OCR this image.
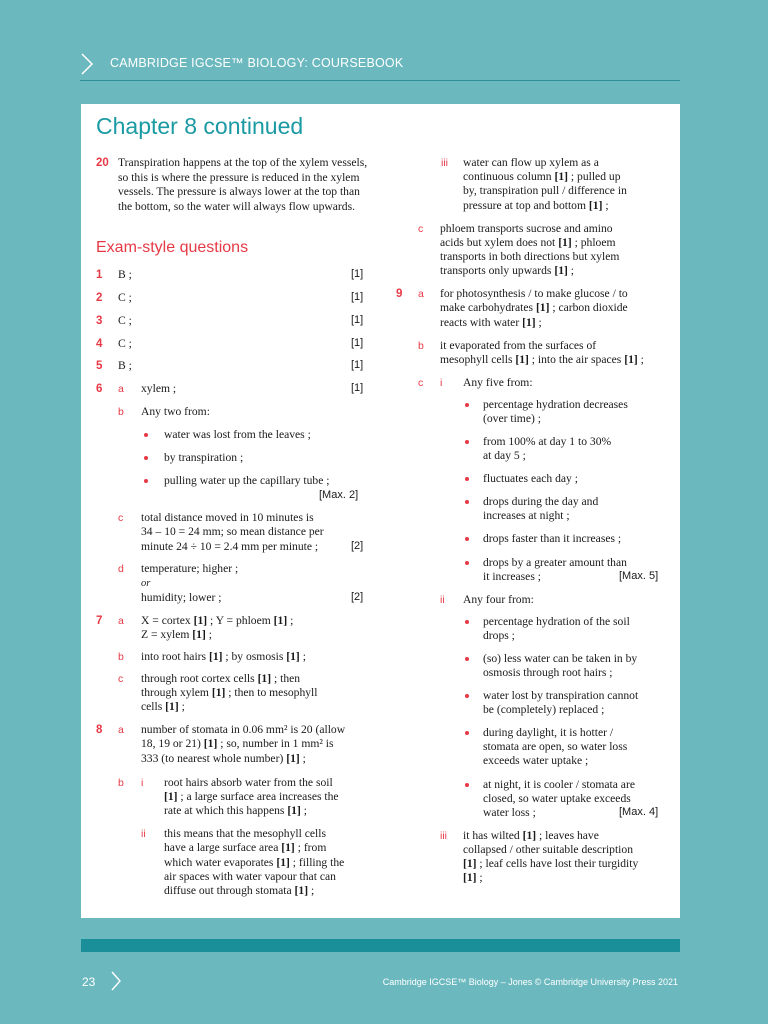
CAMBRIDGE IGCSE™ BIOLOGY: COURSEBOOK
Chapter 8 continued
20 Transpiration happens at the top of the xylem vessels, so this is where the pressure is reduced in the xylem vessels. The pressure is always lower at the top than the bottom, so the water will always flow upwards.
Exam-style questions
1 B ;	[1]
2 C ;	[1]
3 C ;	[1]
4 C ;	[1]
5 B ;	[1]
6 a xylem ;	[1]
b Any two from:
water was lost from the leaves ;
by transpiration ;
pulling water up the capillary tube ;
[Max. 2]
c total distance moved in 10 minutes is
34 – 10 = 24 mm; so mean distance per
minute 24 ÷ 10 = 2.4 mm per minute ;	[2]
d temperature; higher ;
or
humidity; lower ;	[2]
7 a X = cortex [1] ; Y = phloem [1] ;
Z = xylem [1] ;
b into root hairs [1] ; by osmosis [1] ;
c through root cortex cells [1] ; then
through xylem [1] ; then to mesophyll
cells [1] ;
8 a number of stomata in 0.06 mm² is 20 (allow
18, 19 or 21) [1] ; so, number in 1 mm² is
333 (to nearest whole number) [1] ;
b i root hairs absorb water from the soil
[1] ; a large surface area increases the
rate at which this happens [1] ;
ii this means that the mesophyll cells
have a large surface area [1] ; from
which water evaporates [1] ; filling the
air spaces with water vapour that can
diffuse out through stomata [1] ;
iii water can flow up xylem as a
continuous column [1] ; pulled up
by, transpiration pull / difference in
pressure at top and bottom [1] ;
c phloem transports sucrose and amino
acids but xylem does not [1] ; phloem
transports in both directions but xylem
transports only upwards [1] ;
9 a for photosynthesis / to make glucose / to
make carbohydrates [1] ; carbon dioxide
reacts with water [1] ;
b it evaporated from the surfaces of
mesophyll cells [1] ; into the air spaces [1] ;
c i Any five from:
percentage hydration decreases
(over time) ;
from 100% at day 1 to 30%
at day 5 ;
fluctuates each day ;
drops during the day and
increases at night ;
drops faster than it increases ;
drops by a greater amount than
it increases ;	[Max. 5]
ii Any four from:
percentage hydration of the soil
drops ;
(so) less water can be taken in by
osmosis through root hairs ;
water lost by transpiration cannot
be (completely) replaced ;
during daylight, it is hotter /
stomata are open, so water loss
exceeds water uptake ;
at night, it is cooler / stomata are
closed, so water uptake exceeds
water loss ;	[Max. 4]
iii it has wilted [1] ; leaves have
collapsed / other suitable description
[1] ; leaf cells have lost their turgidity
[1] ;
23	Cambridge IGCSE™ Biology – Jones © Cambridge University Press 2021
